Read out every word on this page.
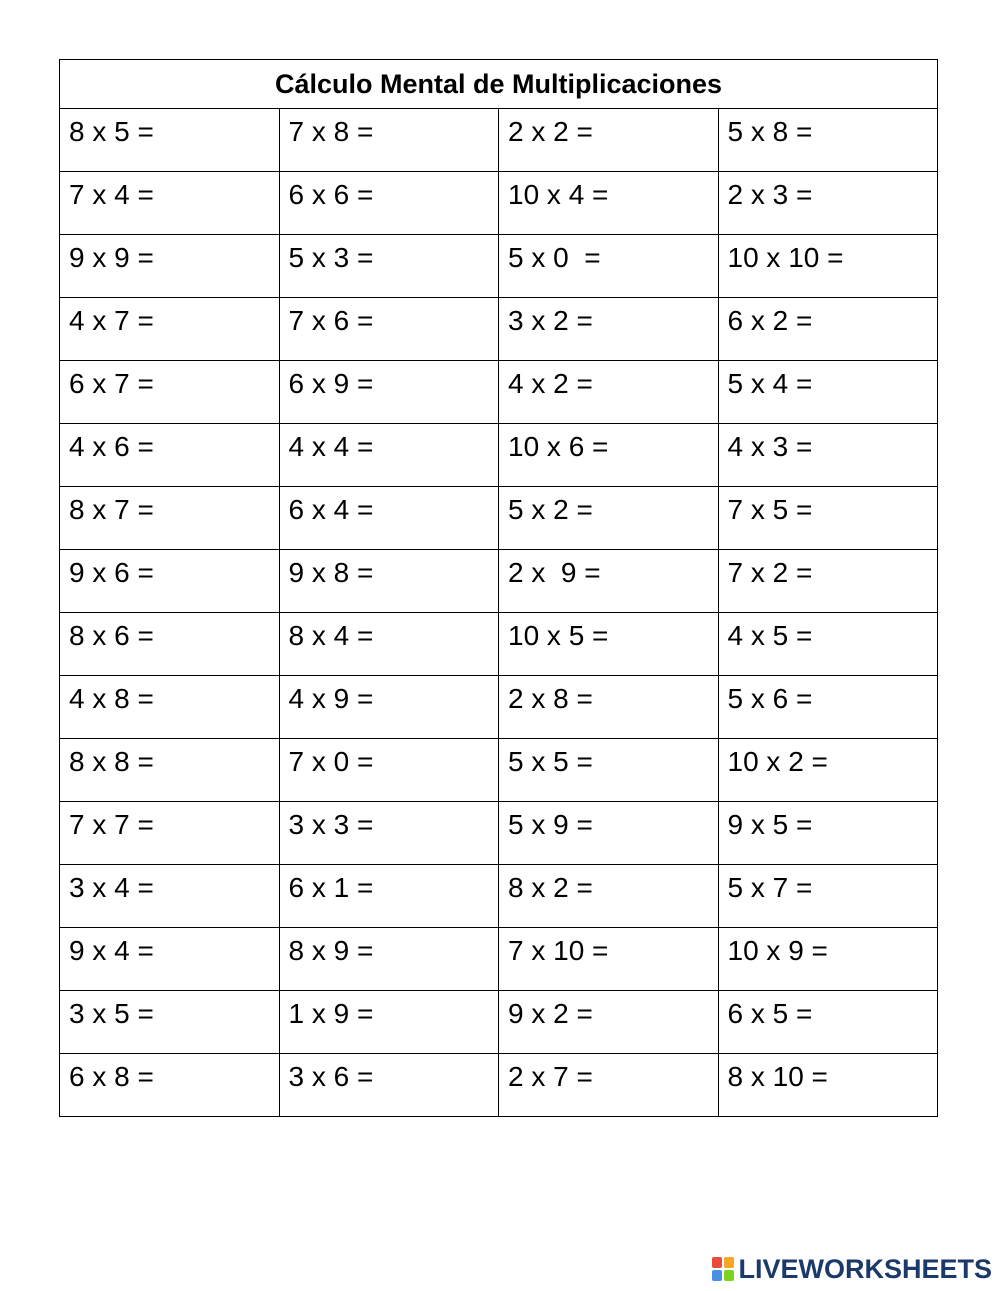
Cálculo Mental de Multiplicaciones			
8 x 5 =	7 x 8 =	2 x 2 =	5 x 8 =
7 x 4 =	6 x 6 =	10 x 4 =	2 x 3 =
9 x 9 =	5 x 3 =	5 x 0  =	10 x 10 =
4 x 7 =	7 x 6 =	3 x 2 =	6 x 2 =
6 x 7 =	6 x 9 =	4 x 2 =	5 x 4 =
4 x 6 =	4 x 4 =	10 x 6 =	4 x 3 =
8 x 7 =	6 x 4 =	5 x 2 =	7 x 5 =
9 x 6 =	9 x 8 =	2 x  9 =	7 x 2 =
8 x 6 =	8 x 4 =	10 x 5 =	4 x 5 =
4 x 8 =	4 x 9 =	2 x 8 =	5 x 6 =
8 x 8 =	7 x 0 =	5 x 5 =	10 x 2 =
7 x 7 =	3 x 3 =	5 x 9 =	9 x 5 =
3 x 4 =	6 x 1 =	8 x 2 =	5 x 7 =
9 x 4 =	8 x 9 =	7 x 10 =	10 x 9 =
3 x 5 =	1 x 9 =	9 x 2 =	6 x 5 =
6 x 8 =	3 x 6 =	2 x 7 =	8 x 10 =
LIVEWORKSHEETS
